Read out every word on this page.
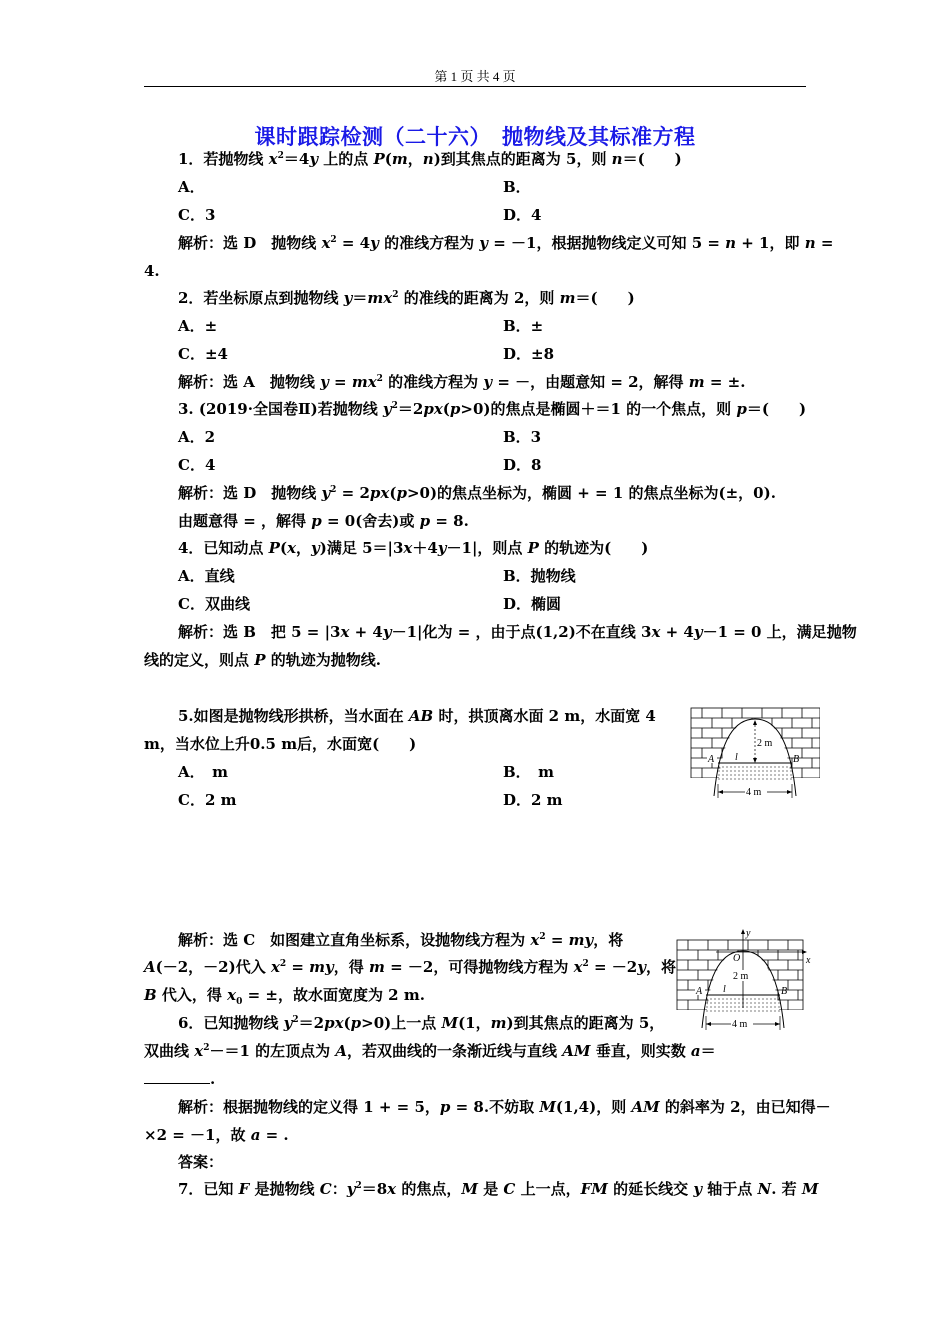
第 1 页 共 4 页
课时跟踪检测（二十六）　抛物线及其标准方程
1．若抛物线 $x^2=4y$ 上的点 P(m，n)到其焦点的距离为 5，则 n＝(　　)
A．	B．
C．3	D．4
解析：选 D　抛物线 $x^2 = 4y$ 的准线方程为 y = －1，根据抛物线定义可知 5 = n + 1，即 n =
4.
2．若坐标原点到抛物线 $y=mx^2$ 的准线的距离为 2，则 m＝(　　)
A．±	B．±
C．±4	D．±8
解析：选 A　抛物线 $y = mx^2$ 的准线方程为 y = －，由题意知 = 2，解得 m = ±.
3. (2019·全国卷Ⅱ)若抛物线 $y^2=2px(p>0)$的焦点是椭圆＋＝1 的一个焦点，则 p＝(　　)
A．2	B．3
C．4	D．8
解析：选 D　抛物线 $y^2 = 2px(p>0)$的焦点坐标为，椭圆 + = 1 的焦点坐标为(±，0).
由题意得 = ，解得 p = 0(舍去)或 p = 8.
4．已知动点 P(x，y)满足 5＝|3x＋4y－1|，则点 P 的轨迹为(　　)
A．直线	B．抛物线
C．双曲线	D．椭圆
解析：选 B　把 5 = |3x + 4y－1|化为 = ，由于点(1,2)不在直线 3x + 4y－1 = 0 上，满足抛物
线的定义，则点 P 的轨迹为抛物线.
5.如图是抛物线形拱桥，当水面在 AB 时，拱顶离水面 2 m，水面宽 4
m，当水位上升0.5 m后，水面宽(　　)
A．　m	B．　m
C．2 m	D．2 m
2 m
l
A	B
4 m
解析：选 C　如图建立直角坐标系，设抛物线方程为 $x^2$ = my，将
A(－2，－2)代入 $x^2$ = my，得 m = －2，可得抛物线方程为 $x^2 = -2y$，将
B 代入，得 $x_0$ = ±，故水面宽度为 2 m.
y
x
O
2 m
l
A	B
4 m
6．已知抛物线 $y^2=2px(p>0)$上一点 M(1，m)到其焦点的距离为 5，
双曲线 $x^2-=1$ 的左顶点为 A，若双曲线的一条渐近线与直线 AM 垂直，则实数 a＝
.
解析：根据抛物线的定义得 1 + = 5，p = 8.不妨取 M(1,4)，则 AM 的斜率为 2，由已知得－
×2 = －1，故 a = .
答案：
7．已知 F 是抛物线 C：$y^2=8x$ 的焦点，M 是 C 上一点，FM 的延长线交 y 轴于点 N. 若 M
